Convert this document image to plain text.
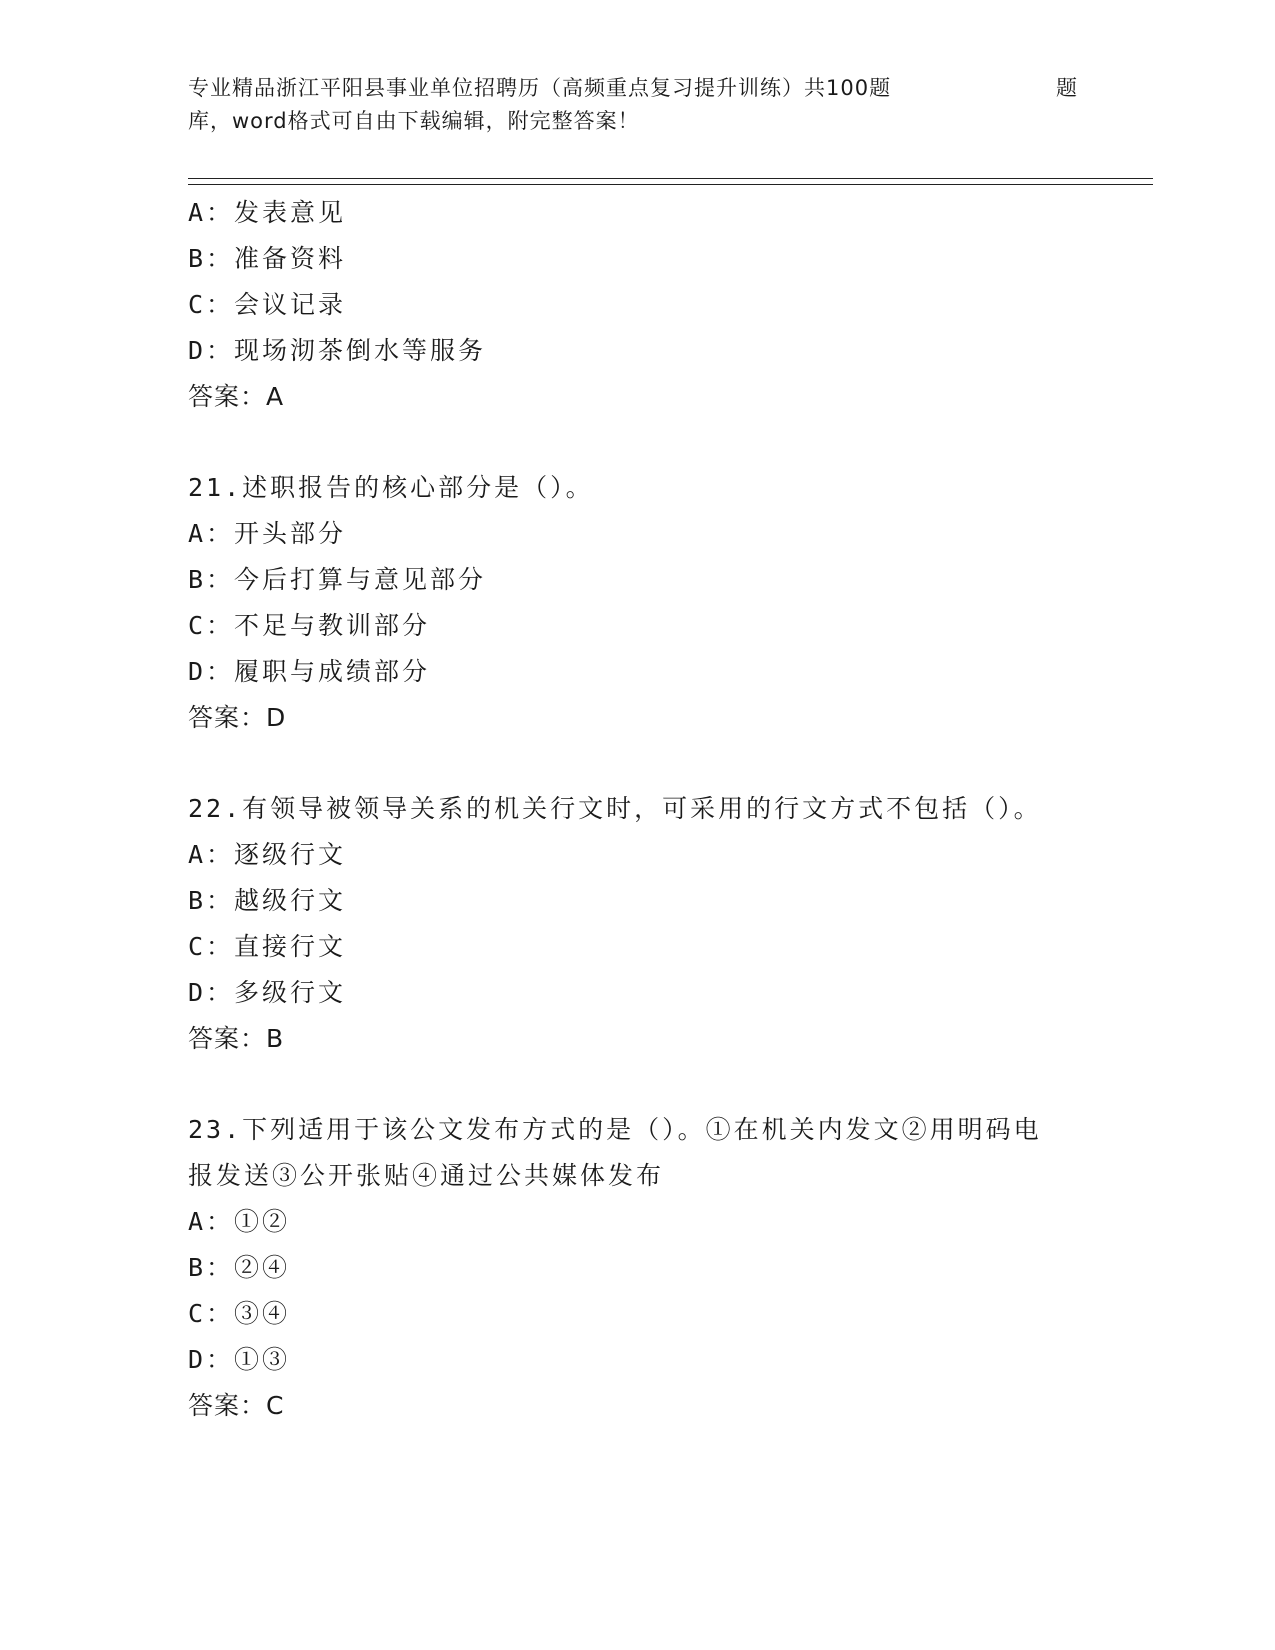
专业精品浙江平阳县事业单位招聘历（高频重点复习提升训练）共100题	题
库，word格式可自由下载编辑，附完整答案！
A：发表意见
B：准备资料
C：会议记录
D：现场沏茶倒水等服务
答案：A
21.述职报告的核心部分是（）。
A：开头部分
B：今后打算与意见部分
C：不足与教训部分
D：履职与成绩部分
答案：D
22.有领导被领导关系的机关行文时，可采用的行文方式不包括（）。
A：逐级行文
B：越级行文
C：直接行文
D：多级行文
答案：B
23.下列适用于该公文发布方式的是（）。①在机关内发文②用明码电
报发送③公开张贴④通过公共媒体发布
A：①②
B：②④
C：③④
D：①③
答案：C
